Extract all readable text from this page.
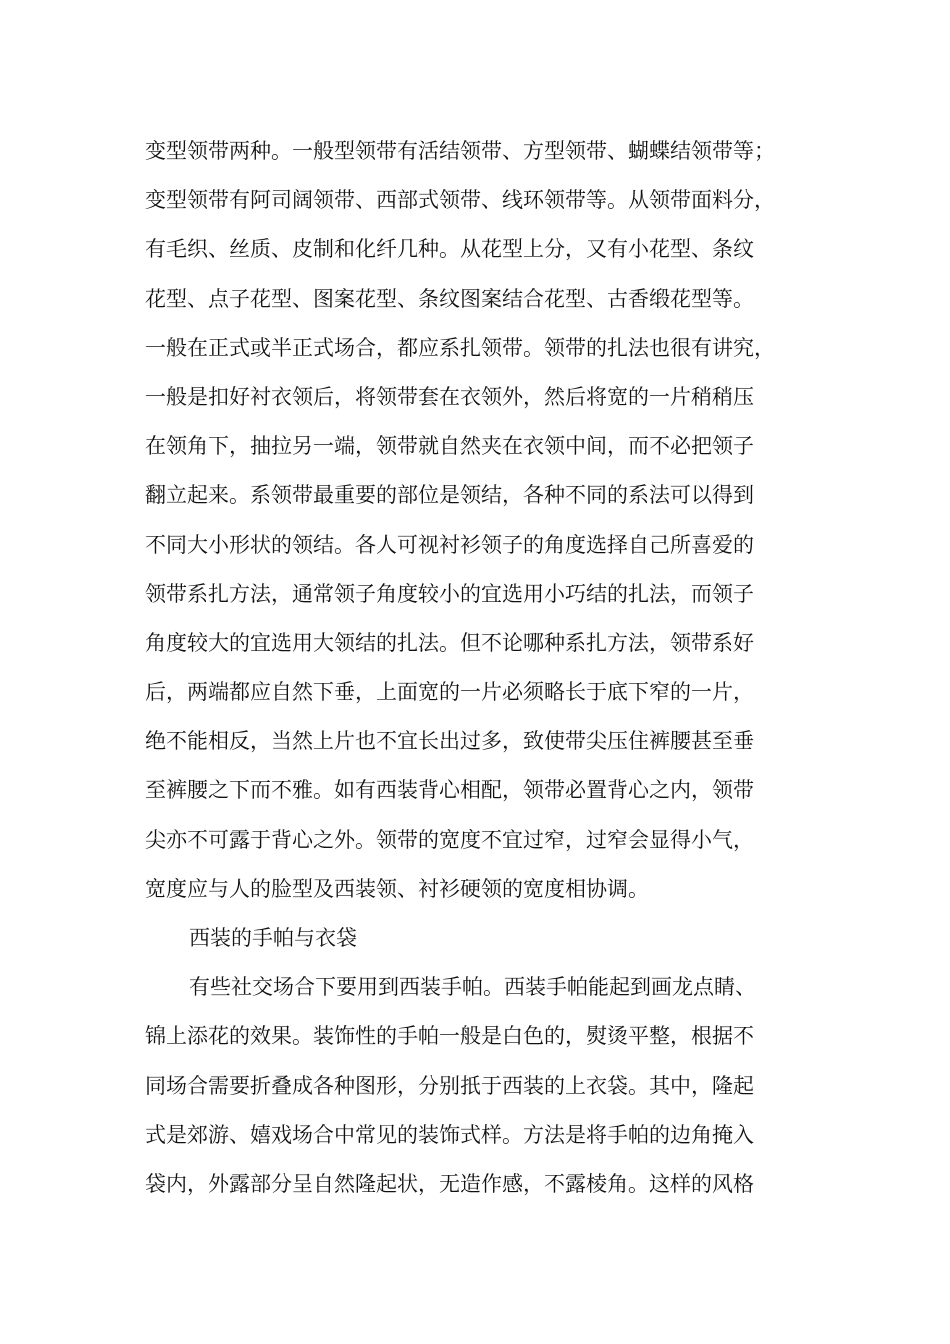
变型领带两种。一般型领带有活结领带、方型领带、蝴蝶结领带等；
变型领带有阿司阔领带、西部式领带、线环领带等。从领带面料分，
有毛织、丝质、皮制和化纤几种。从花型上分，又有小花型、条纹
花型、点子花型、图案花型、条纹图案结合花型、古香缎花型等。
一般在正式或半正式场合，都应系扎领带。领带的扎法也很有讲究，
一般是扣好衬衣领后，将领带套在衣领外，然后将宽的一片稍稍压
在领角下，抽拉另一端，领带就自然夹在衣领中间，而不必把领子
翻立起来。系领带最重要的部位是领结，各种不同的系法可以得到
不同大小形状的领结。各人可视衬衫领子的角度选择自己所喜爱的
领带系扎方法，通常领子角度较小的宜选用小巧结的扎法，而领子
角度较大的宜选用大领结的扎法。但不论哪种系扎方法，领带系好
后，两端都应自然下垂，上面宽的一片必须略长于底下窄的一片，
绝不能相反，当然上片也不宜长出过多，致使带尖压住裤腰甚至垂
至裤腰之下而不雅。如有西装背心相配，领带必置背心之内，领带
尖亦不可露于背心之外。领带的宽度不宜过窄，过窄会显得小气，
宽度应与人的脸型及西装领、衬衫硬领的宽度相协调。
西装的手帕与衣袋
有些社交场合下要用到西装手帕。西装手帕能起到画龙点睛、
锦上添花的效果。装饰性的手帕一般是白色的，熨烫平整，根据不
同场合需要折叠成各种图形，分别扺于西装的上衣袋。其中，隆起
式是郊游、嬉戏场合中常见的装饰式样。方法是将手帕的边角掩入
袋内，外露部分呈自然隆起状，无造作感，不露棱角。这样的风格
